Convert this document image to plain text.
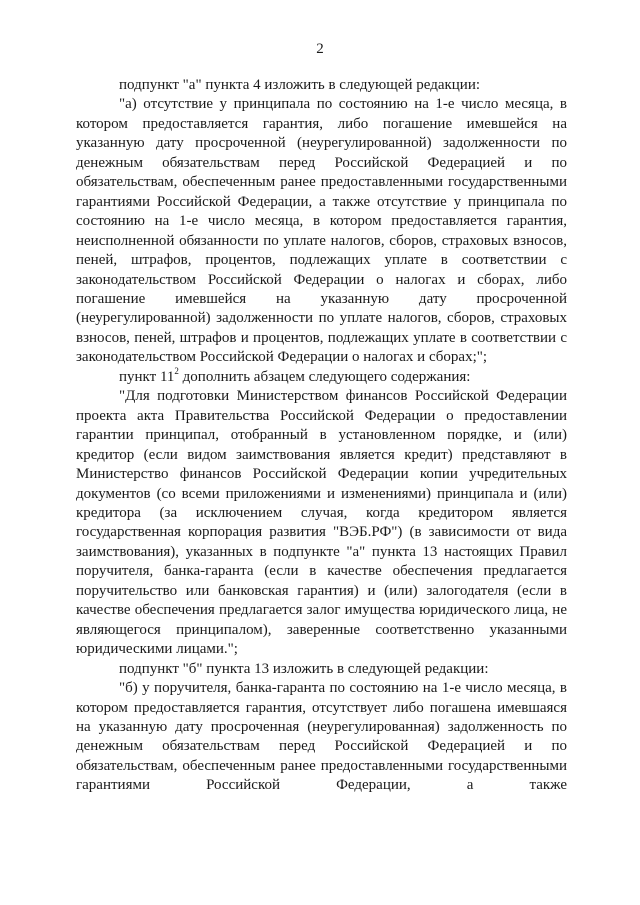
2

подпункт "а" пункта 4 изложить в следующей редакции:

"а) отсутствие у принципала по состоянию на 1-е число месяца, в котором предоставляется гарантия, либо погашение имевшейся на указанную дату просроченной (неурегулированной) задолженности по денежным обязательствам перед Российской Федерацией и по обязательствам, обеспеченным ранее предоставленными государственными гарантиями Российской Федерации, а также отсутствие у принципала по состоянию на 1-е число месяца, в котором предоставляется гарантия, неисполненной обязанности по уплате налогов, сборов, страховых взносов, пеней, штрафов, процентов, подлежащих уплате в соответствии с законодательством Российской Федерации о налогах и сборах, либо погашение имевшейся на указанную дату просроченной (неурегулированной) задолженности по уплате налогов, сборов, страховых взносов, пеней, штрафов и процентов, подлежащих уплате в соответствии с законодательством Российской Федерации о налогах и сборах;";

пункт $11^2$ дополнить абзацем следующего содержания:

"Для подготовки Министерством финансов Российской Федерации проекта акта Правительства Российской Федерации о предоставлении гарантии принципал, отобранный в установленном порядке, и (или) кредитор (если видом заимствования является кредит) представляют в Министерство финансов Российской Федерации копии учредительных документов (со всеми приложениями и изменениями) принципала и (или) кредитора (за исключением случая, когда кредитором является государственная корпорация развития "ВЭБ.РФ") (в зависимости от вида заимствования), указанных в подпункте "а" пункта 13 настоящих Правил поручителя, банка-гаранта (если в качестве обеспечения предлагается поручительство или банковская гарантия) и (или) залогодателя (если в качестве обеспечения предлагается залог имущества юридического лица, не являющегося принципалом), заверенные соответственно указанными юридическими лицами.";

подпункт "б" пункта 13 изложить в следующей редакции:

"б) у поручителя, банка-гаранта по состоянию на 1-е число месяца, в котором предоставляется гарантия, отсутствует либо погашена имевшаяся на указанную дату просроченная (неурегулированная) задолженность по денежным обязательствам перед Российской Федерацией и по обязательствам, обеспеченным ранее предоставленными государственными гарантиями Российской Федерации, а также
